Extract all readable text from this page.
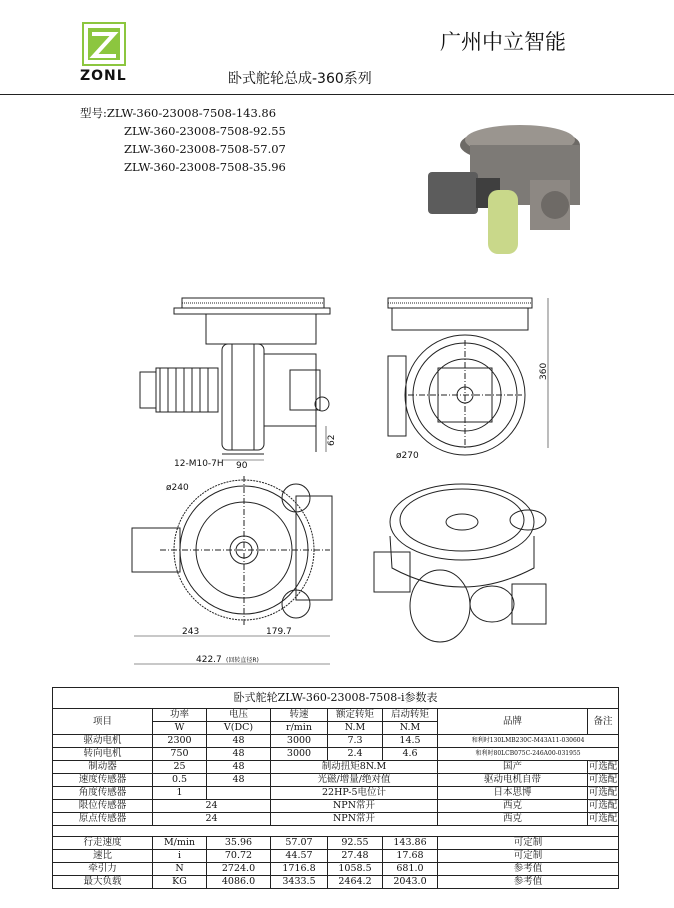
ZONL
广州中立智能
卧式舵轮总成-360系列
型号:ZLW-360-23008-7508-143.86
ZLW-360-23008-7508-92.55
ZLW-360-23008-7508-57.07
ZLW-360-23008-7508-35.96
90
62
360
ø270
12-M10-7H
ø240
243	179.7
422.7 (回转直径R)
卧式舵轮ZLW-360-23008-7508-i参数表							
项目	功率	电压	转速	额定转矩	启动转矩	品牌	备注
	W	V(DC)	r/min	N.M	N.M		
驱动电机	2300	48	3000	7.3	14.5	和利时130LMB230C-M43A11-030604	
转向电机	750	48	3000	2.4	4.6	和利时80LCB075C-246A00-031955	
制动器	25	48	制动扭矩8N.M			国产	可选配
速度传感器	0.5	48	光磁/增量/绝对值			驱动电机自带	可选配
角度传感器	1		22HP-5电位计			日本思博	可选配
限位传感器	24		NPN常开			西克	可选配
原点传感器	24		NPN常开			西克	可选配

行走速度	M/min	35.96	57.07	92.55	143.86	可定制	
速比	i	70.72	44.57	27.48	17.68	可定制	
牵引力	N	2724.0	1716.8	1058.5	681.0	参考值	
最大负载	KG	4086.0	3433.5	2464.2	2043.0	参考值	
